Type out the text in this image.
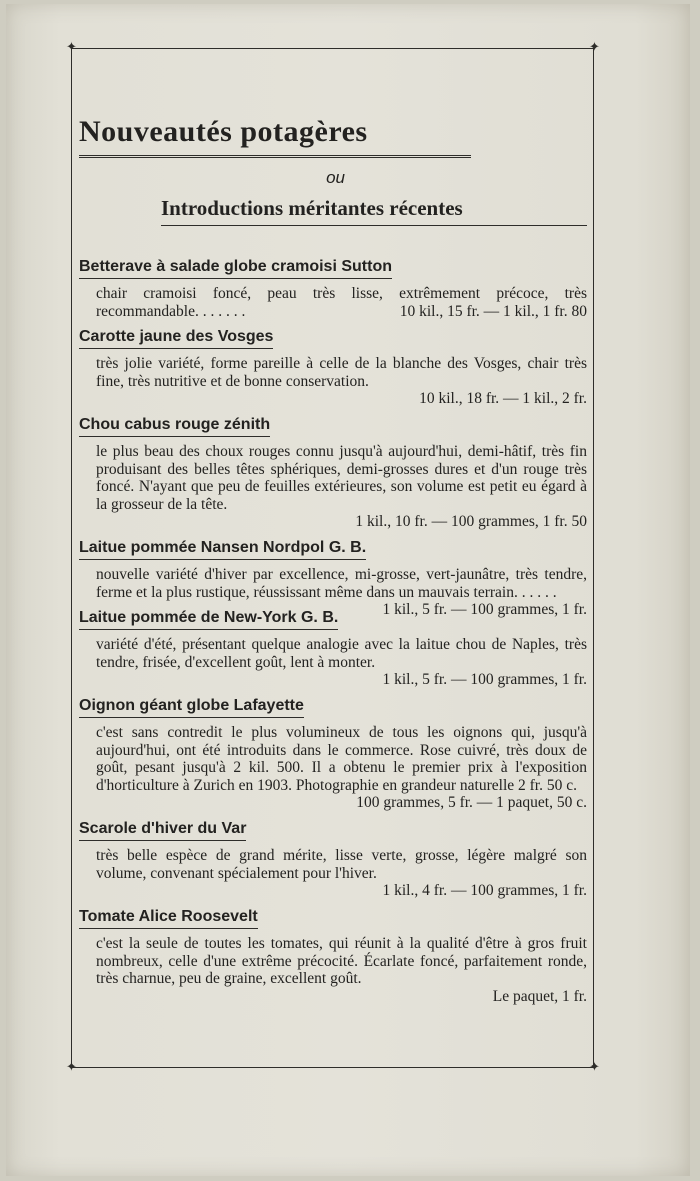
✦	✦
✦	✦
Nouveautés potagères
ou
Introductions méritantes récentes
Betterave à salade globe cramoisi Sutton
chair cramoisi foncé, peau très lisse, extrêmement précoce, très recommandable. . . . . . .	10 kil., 15 fr. — 1 kil., 1 fr. 80
Carotte jaune des Vosges
très jolie variété, forme pareille à celle de la blanche des Vosges, chair très fine, très nutritive et de bonne conservation.
10 kil., 18 fr. — 1 kil., 2 fr.
Chou cabus rouge zénith
le plus beau des choux rouges connu jusqu'à aujourd'hui, demi-hâtif, très fin produisant des belles têtes sphériques, demi-grosses dures et d'un rouge très foncé. N'ayant que peu de feuilles extérieures, son volume est petit eu égard à la grosseur de la tête.
1 kil., 10 fr. — 100 grammes, 1 fr. 50
Laitue pommée Nansen Nordpol G. B.
nouvelle variété d'hiver par excellence, mi-grosse, vert-jaunâtre, très tendre, ferme et la plus rustique, réussissant même dans un mauvais terrain. . . . . .
1 kil., 5 fr. — 100 grammes, 1 fr.
Laitue pommée de New-York G. B.
variété d'été, présentant quelque analogie avec la laitue chou de Naples, très tendre, frisée, d'excellent goût, lent à monter.
1 kil., 5 fr. — 100 grammes, 1 fr.
Oignon géant globe Lafayette
c'est sans contredit le plus volumineux de tous les oignons qui, jusqu'à aujourd'hui, ont été introduits dans le commerce. Rose cuivré, très doux de goût, pesant jusqu'à 2 kil. 500. Il a obtenu le premier prix à l'exposition d'horticulture à Zurich en 1903. Photographie en grandeur naturelle 2 fr. 50 c.
100 grammes, 5 fr. — 1 paquet, 50 c.
Scarole d'hiver du Var
très belle espèce de grand mérite, lisse verte, grosse, légère malgré son volume, convenant spécialement pour l'hiver.
1 kil., 4 fr. — 100 grammes, 1 fr.
Tomate Alice Roosevelt
c'est la seule de toutes les tomates, qui réunit à la qualité d'être à gros fruit nombreux, celle d'une extrême précocité. Écarlate foncé, parfaitement ronde, très charnue, peu de graine, excellent goût.
Le paquet, 1 fr.
